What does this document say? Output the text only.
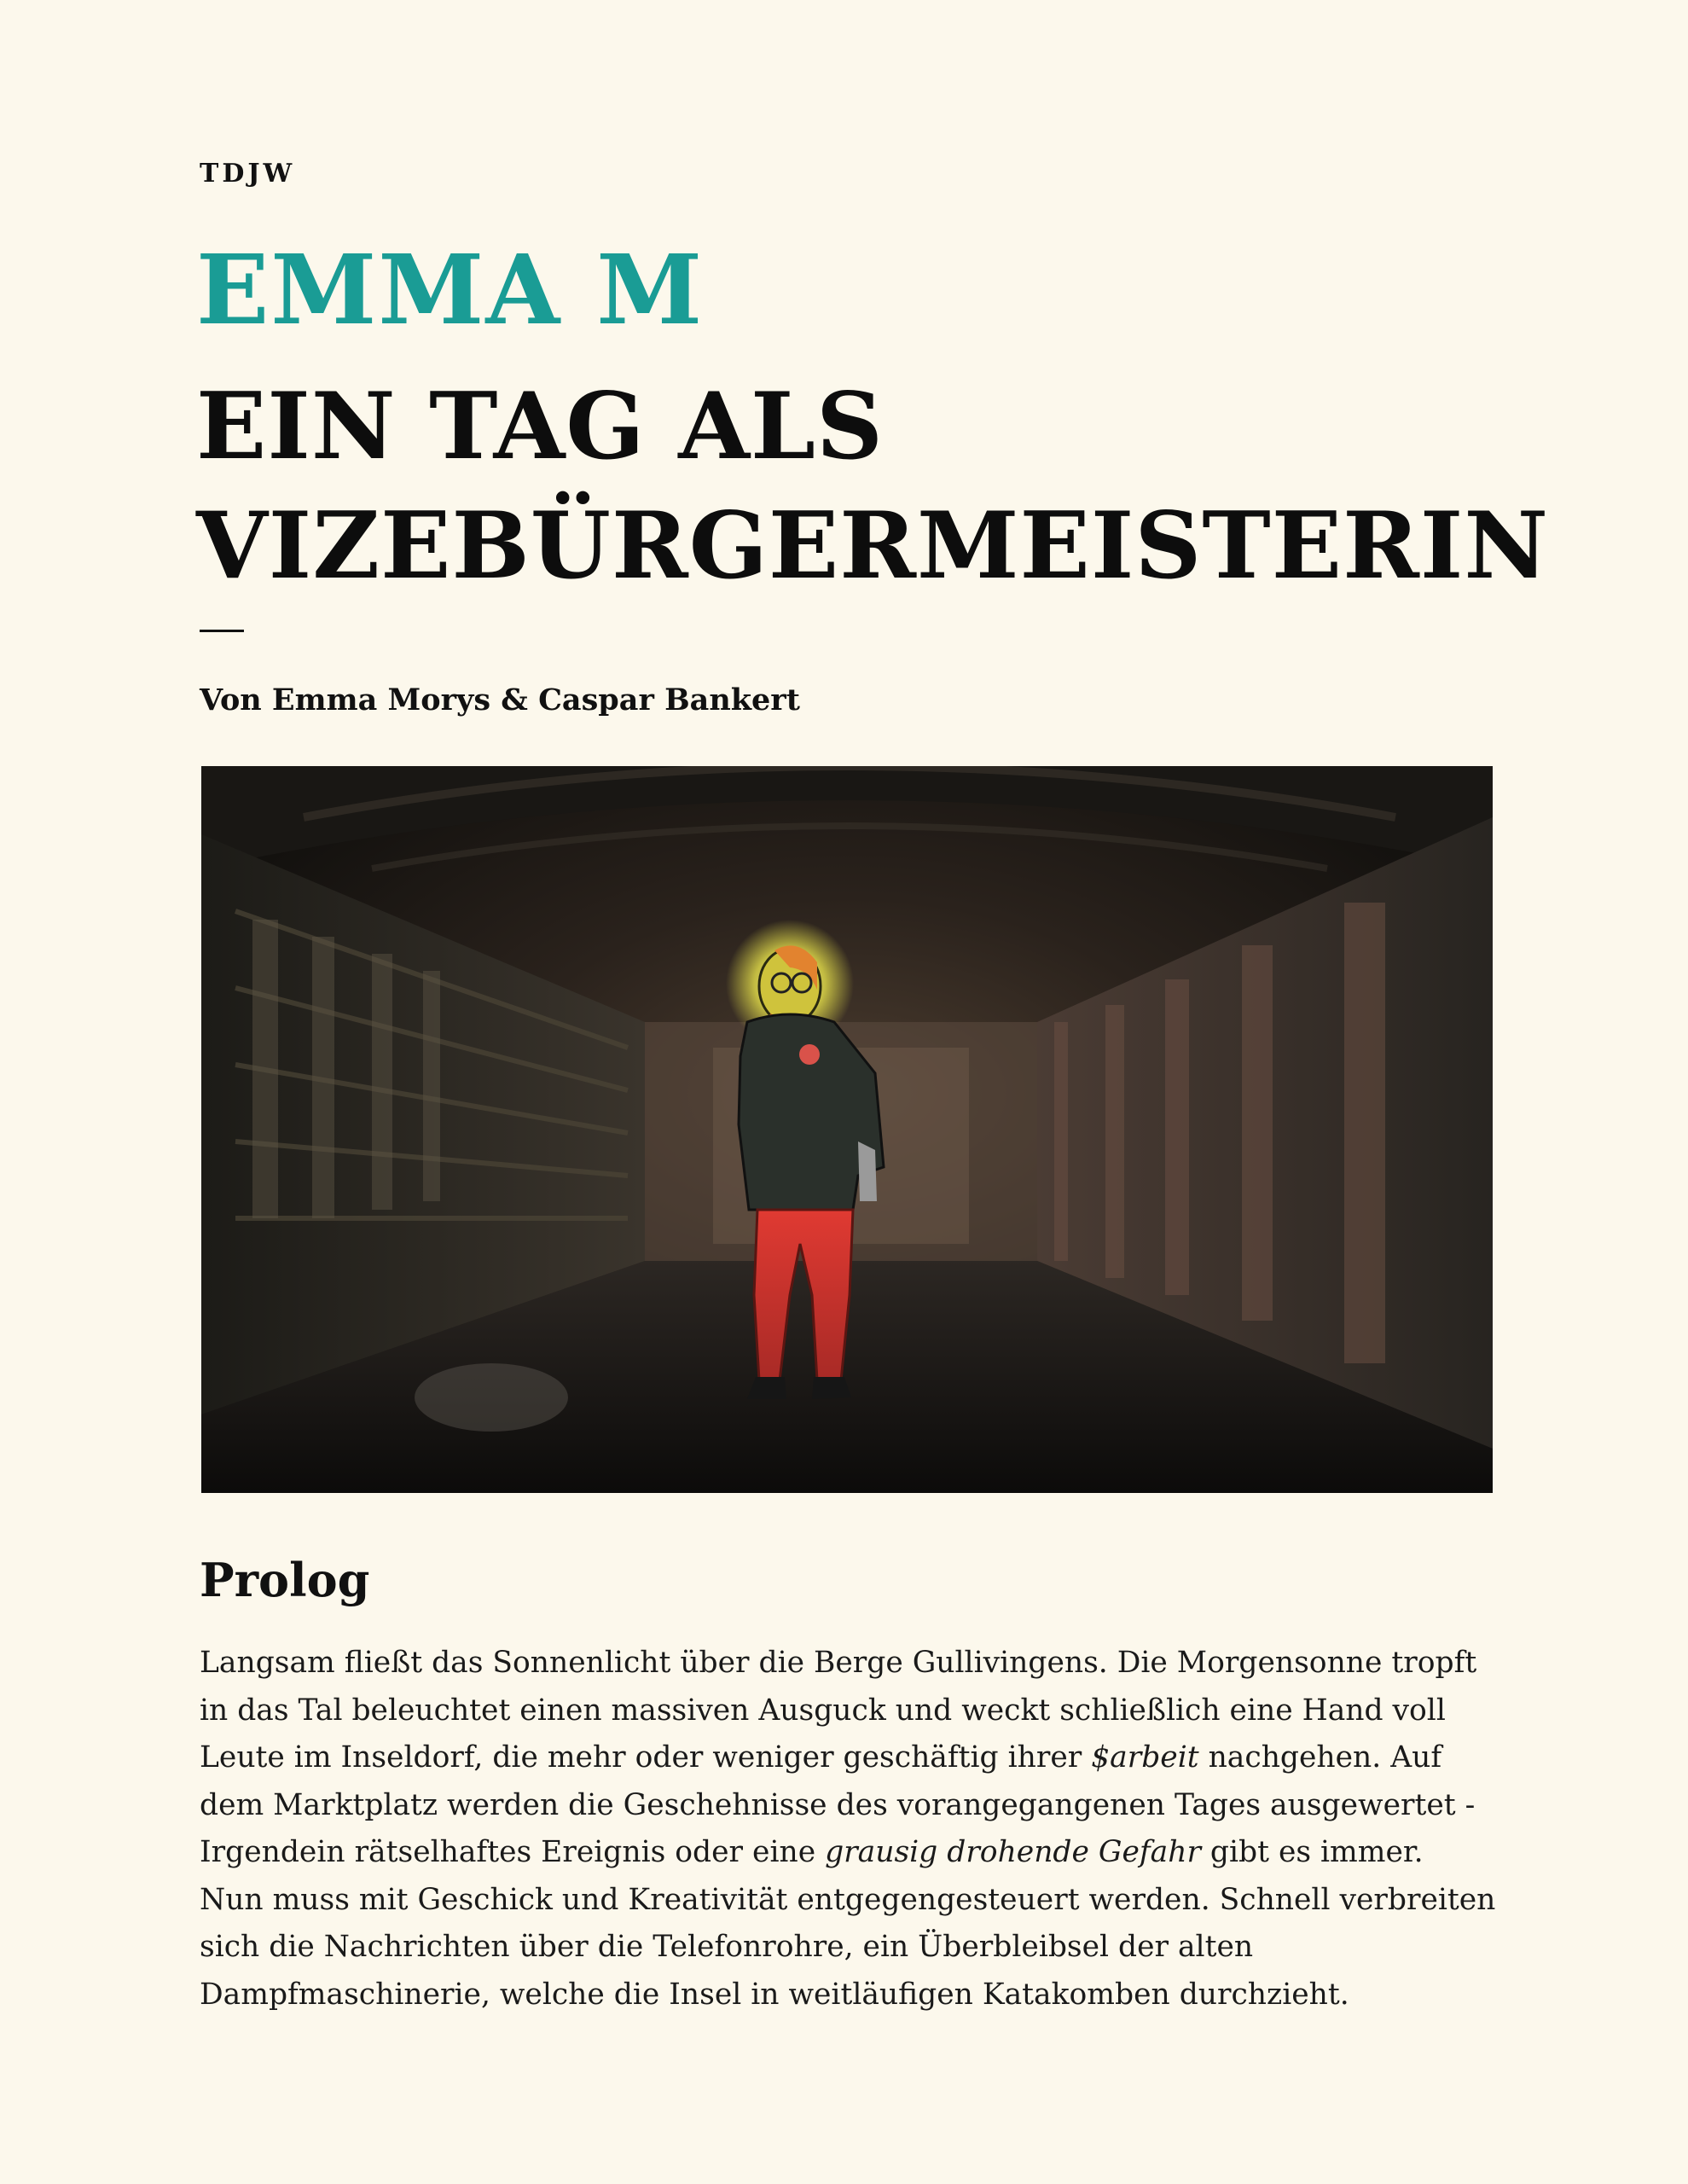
TDJW
EMMA M
EIN TAG ALS
VIZEBÜRGERMEISTERIN
Von Emma Morys & Caspar Bankert
Prolog

Langsam fließt das Sonnenlicht über die Berge Gullivingens. Die Morgensonne tropft in das Tal beleuchtet einen massiven Ausguck und weckt schließlich eine Hand voll Leute im Inseldorf, die mehr oder weniger geschäftig ihrer $arbeit nachgehen. Auf dem Marktplatz werden die Geschehnisse des vorangegangenen Tages ausgewertet - Irgendein rätselhaftes Ereignis oder eine grausig drohende Gefahr gibt es immer. Nun muss mit Geschick und Kreativität entgegengesteuert werden. Schnell verbreiten sich die Nachrichten über die Telefonrohre, ein Überbleibsel der alten Dampfmaschinerie, welche die Insel in weitläufigen Katakomben durchzieht.
